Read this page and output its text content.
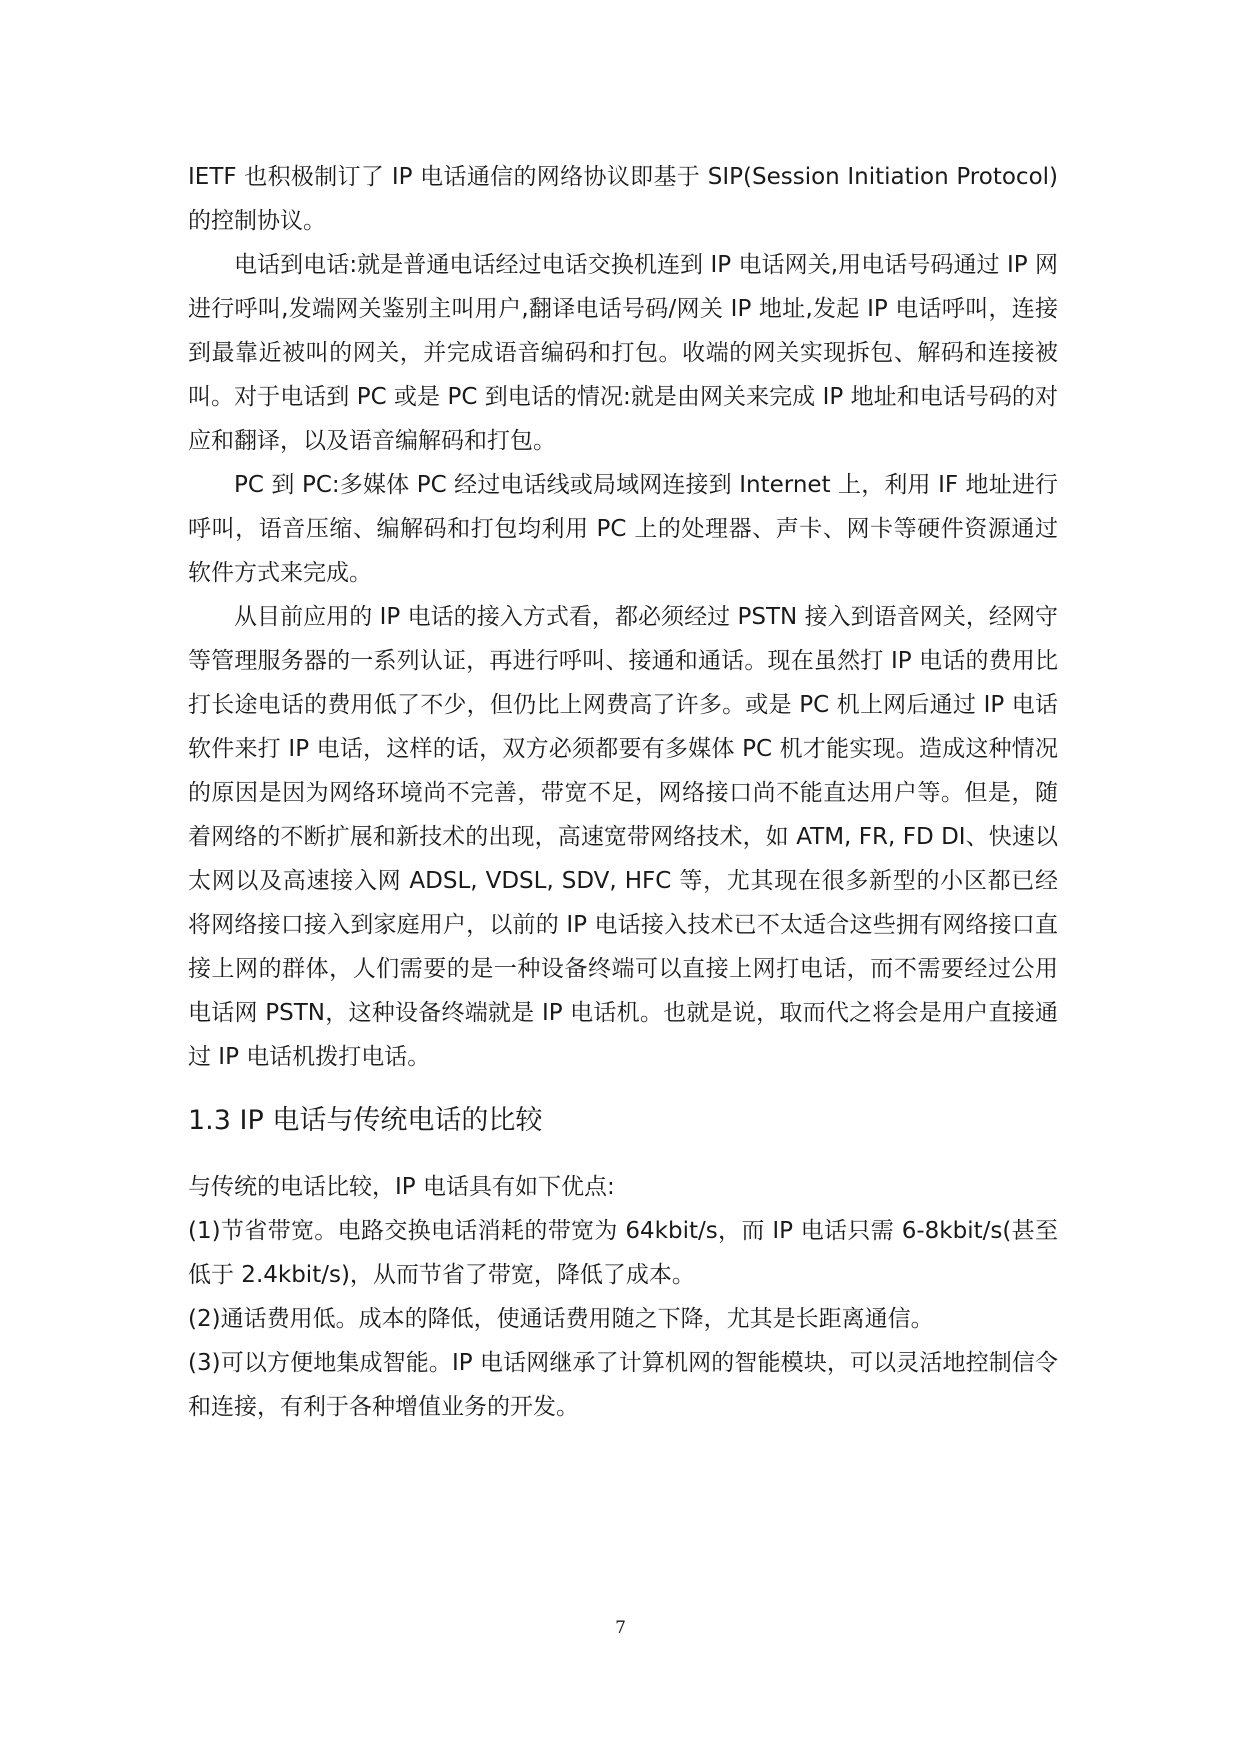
IETF 也积极制订了 IP 电话通信的网络协议即基于 SIP(Session Initiation Protocol)的控制协议。

电话到电话:就是普通电话经过电话交换机连到 IP 电话网关,用电话号码通过 IP 网进行呼叫,发端网关鉴别主叫用户,翻译电话号码/网关 IP 地址,发起 IP 电话呼叫，连接到最靠近被叫的网关，并完成语音编码和打包。收端的网关实现拆包、解码和连接被叫。对于电话到 PC 或是 PC 到电话的情况:就是由网关来完成 IP 地址和电话号码的对应和翻译，以及语音编解码和打包。

PC 到 PC:多媒体 PC 经过电话线或局域网连接到 Internet 上，利用 IF 地址进行呼叫，语音压缩、编解码和打包均利用 PC 上的处理器、声卡、网卡等硬件资源通过软件方式来完成。

从目前应用的 IP 电话的接入方式看，都必须经过 PSTN 接入到语音网关，经网守等管理服务器的一系列认证，再进行呼叫、接通和通话。现在虽然打 IP 电话的费用比打长途电话的费用低了不少，但仍比上网费高了许多。或是 PC 机上网后通过 IP 电话软件来打 IP 电话，这样的话，双方必须都要有多媒体 PC 机才能实现。造成这种情况的原因是因为网络环境尚不完善，带宽不足，网络接口尚不能直达用户等。但是，随着网络的不断扩展和新技术的出现，高速宽带网络技术，如 ATM, FR, FD DI、快速以太网以及高速接入网 ADSL, VDSL, SDV, HFC 等，尤其现在很多新型的小区都已经将网络接口接入到家庭用户，以前的 IP 电话接入技术已不太适合这些拥有网络接口直接上网的群体，人们需要的是一种设备终端可以直接上网打电话，而不需要经过公用电话网 PSTN，这种设备终端就是 IP 电话机。也就是说，取而代之将会是用户直接通过 IP 电话机拨打电话。

1.3 IP 电话与传统电话的比较

与传统的电话比较，IP 电话具有如下优点:

(1)节省带宽。电路交换电话消耗的带宽为 64kbit/s，而 IP 电话只需 6-8kbit/s(甚至低于 2.4kbit/s)，从而节省了带宽，降低了成本。

(2)通话费用低。成本的降低，使通话费用随之下降，尤其是长距离通信。

(3)可以方便地集成智能。IP 电话网继承了计算机网的智能模块，可以灵活地控制信令和连接，有利于各种增值业务的开发。

7
